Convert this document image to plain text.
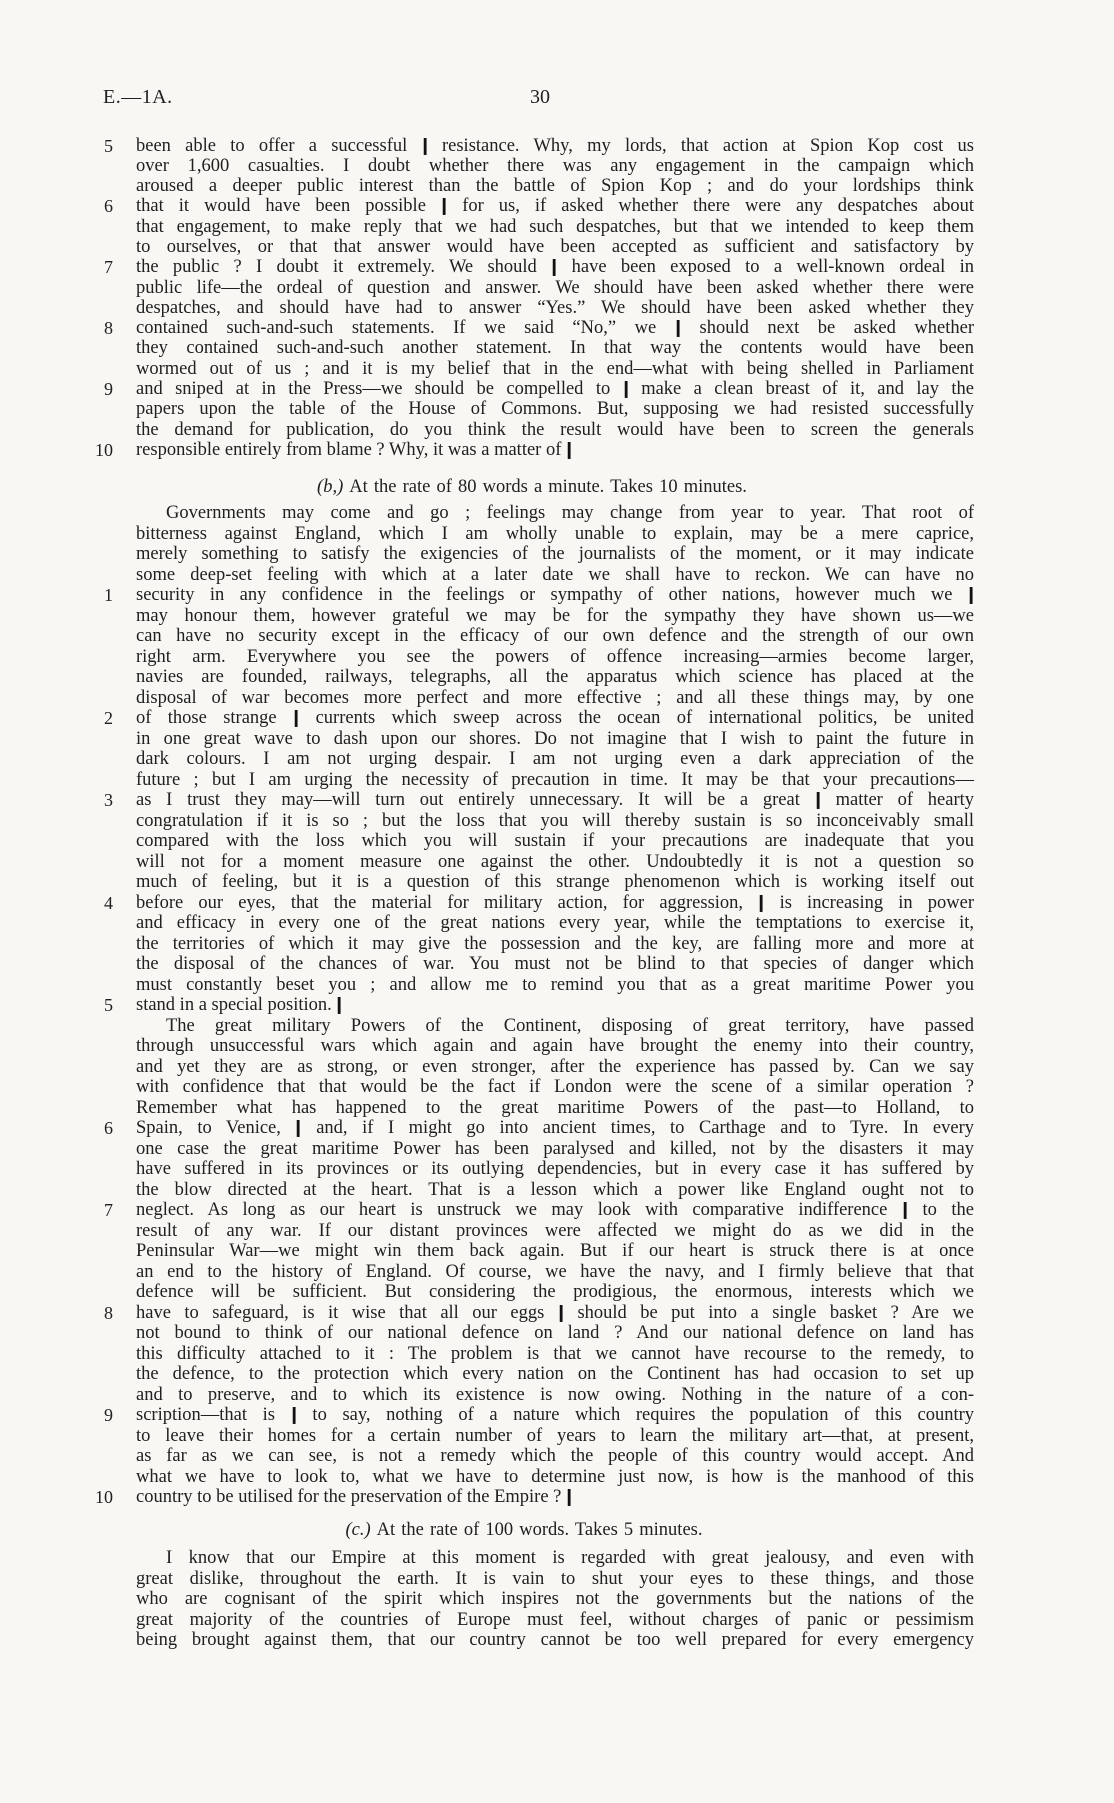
E.—1A.	30
5 been able to offer a successful | resistance. Why, my lords, that action at Spion Kop cost us
over 1,600 casualties. I doubt whether there was any engagement in the campaign which
aroused a deeper public interest than the battle of Spion Kop ; and do your lordships think
6 that it would have been possible | for us, if asked whether there were any despatches about
that engagement, to make reply that we had such despatches, but that we intended to keep them
to ourselves, or that that answer would have been accepted as sufficient and satisfactory by
7 the public ? I doubt it extremely. We should | have been exposed to a well-known ordeal in
public life—the ordeal of question and answer. We should have been asked whether there were
despatches, and should have had to answer “Yes.” We should have been asked whether they
8 contained such-and-such statements. If we said “No,” we | should next be asked whether
they contained such-and-such another statement. In that way the contents would have been
wormed out of us ; and it is my belief that in the end—what with being shelled in Parliament
9 and sniped at in the Press—we should be compelled to | make a clean breast of it, and lay the
papers upon the table of the House of Commons. But, supposing we had resisted successfully
the demand for publication, do you think the result would have been to screen the generals
10 responsible entirely from blame ? Why, it was a matter of |
(b,) At the rate of 80 words a minute. Takes 10 minutes.
Governments may come and go ; feelings may change from year to year. That root of
bitterness against England, which I am wholly unable to explain, may be a mere caprice,
merely something to satisfy the exigencies of the journalists of the moment, or it may indicate
some deep-set feeling with which at a later date we shall have to reckon. We can have no
1 security in any confidence in the feelings or sympathy of other nations, however much we |
may honour them, however grateful we may be for the sympathy they have shown us—we
can have no security except in the efficacy of our own defence and the strength of our own
right arm. Everywhere you see the powers of offence increasing—armies become larger,
navies are founded, railways, telegraphs, all the apparatus which science has placed at the
disposal of war becomes more perfect and more effective ; and all these things may, by one
2 of those strange | currents which sweep across the ocean of international politics, be united
in one great wave to dash upon our shores. Do not imagine that I wish to paint the future in
dark colours. I am not urging despair. I am not urging even a dark appreciation of the
future ; but I am urging the necessity of precaution in time. It may be that your precautions—
3 as I trust they may—will turn out entirely unnecessary. It will be a great | matter of hearty
congratulation if it is so ; but the loss that you will thereby sustain is so inconceivably small
compared with the loss which you will sustain if your precautions are inadequate that you
will not for a moment measure one against the other. Undoubtedly it is not a question so
much of feeling, but it is a question of this strange phenomenon which is working itself out
4 before our eyes, that the material for military action, for aggression, | is increasing in power
and efficacy in every one of the great nations every year, while the temptations to exercise it,
the territories of which it may give the possession and the key, are falling more and more at
the disposal of the chances of war. You must not be blind to that species of danger which
must constantly beset you ; and allow me to remind you that as a great maritime Power you
5 stand in a special position. |
The great military Powers of the Continent, disposing of great territory, have passed
through unsuccessful wars which again and again have brought the enemy into their country,
and yet they are as strong, or even stronger, after the experience has passed by. Can we say
with confidence that that would be the fact if London were the scene of a similar operation ?
Remember what has happened to the great maritime Powers of the past—to Holland, to
6 Spain, to Venice, | and, if I might go into ancient times, to Carthage and to Tyre. In every
one case the great maritime Power has been paralysed and killed, not by the disasters it may
have suffered in its provinces or its outlying dependencies, but in every case it has suffered by
the blow directed at the heart. That is a lesson which a power like England ought not to
7 neglect. As long as our heart is unstruck we may look with comparative indifference | to the
result of any war. If our distant provinces were affected we might do as we did in the
Peninsular War—we might win them back again. But if our heart is struck there is at once
an end to the history of England. Of course, we have the navy, and I firmly believe that that
defence will be sufficient. But considering the prodigious, the enormous, interests which we
8 have to safeguard, is it wise that all our eggs | should be put into a single basket ? Are we
not bound to think of our national defence on land ? And our national defence on land has
this difficulty attached to it : The problem is that we cannot have recourse to the remedy, to
the defence, to the protection which every nation on the Continent has had occasion to set up
and to preserve, and to which its existence is now owing. Nothing in the nature of a con-
9 scription—that is | to say, nothing of a nature which requires the population of this country
to leave their homes for a certain number of years to learn the military art—that, at present,
as far as we can see, is not a remedy which the people of this country would accept. And
what we have to look to, what we have to determine just now, is how is the manhood of this
10 country to be utilised for the preservation of the Empire ? |
(c.) At the rate of 100 words. Takes 5 minutes.
I know that our Empire at this moment is regarded with great jealousy, and even with
great dislike, throughout the earth. It is vain to shut your eyes to these things, and those
who are cognisant of the spirit which inspires not the governments but the nations of the
great majority of the countries of Europe must feel, without charges of panic or pessimism
being brought against them, that our country cannot be too well prepared for every emergency
